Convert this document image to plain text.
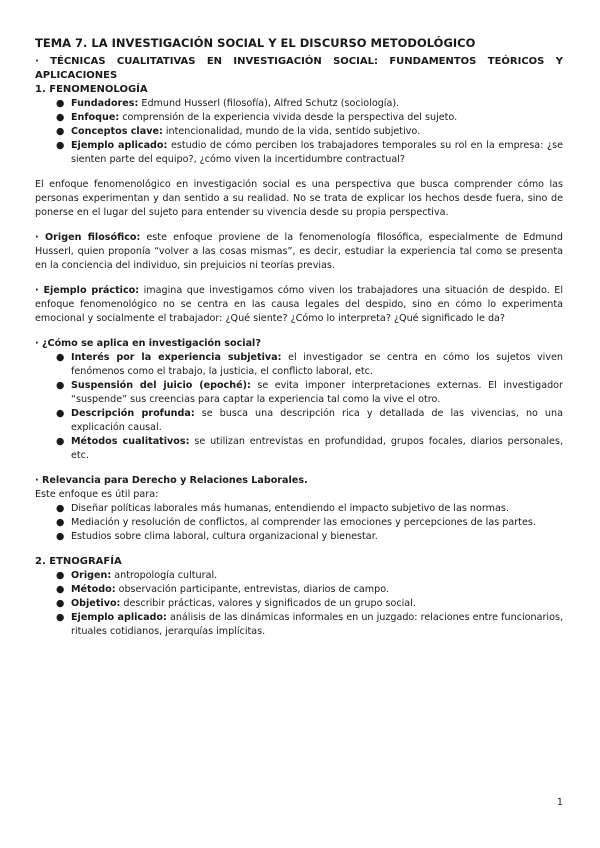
TEMA 7. LA INVESTIGACIÓN SOCIAL Y EL DISCURSO METODOLÓGICO
· TÉCNICAS CUALITATIVAS EN INVESTIGACIÓN SOCIAL: FUNDAMENTOS TEÓRICOS Y APLICACIONES
1. FENOMENOLOGÍA
● Fundadores: Edmund Husserl (filosofía), Alfred Schutz (sociología).
● Enfoque: comprensión de la experiencia vivida desde la perspectiva del sujeto.
● Conceptos clave: intencionalidad, mundo de la vida, sentido subjetivo.
● Ejemplo aplicado: estudio de cómo perciben los trabajadores temporales su rol en la empresa: ¿se sienten parte del equipo?, ¿cómo viven la incertidumbre contractual?

El enfoque fenomenológico en investigación social es una perspectiva que busca comprender cómo las personas experimentan y dan sentido a su realidad. No se trata de explicar los hechos desde fuera, sino de ponerse en el lugar del sujeto para entender su vivencia desde su propia perspectiva.

· Origen filosófico: este enfoque proviene de la fenomenología filosófica, especialmente de Edmund Husserl, quien proponía “volver a las cosas mismas”, es decir, estudiar la experiencia tal como se presenta en la conciencia del individuo, sin prejuicios ni teorías previas.

· Ejemplo práctico: imagina que investigamos cómo viven los trabajadores una situación de despido. El enfoque fenomenológico no se centra en las causa legales del despido, sino en cómo lo experimenta emocional y socialmente el trabajador: ¿Qué siente? ¿Cómo lo interpreta? ¿Qué significado le da?

· ¿Cómo se aplica en investigación social?

● Interés por la experiencia subjetiva: el investigador se centra en cómo los sujetos viven fenómenos como el trabajo, la justicia, el conflicto laboral, etc.
● Suspensión del juicio (epoché): se evita imponer interpretaciones externas. El investigador “suspende” sus creencias para captar la experiencia tal como la vive el otro.
● Descripción profunda: se busca una descripción rica y detallada de las vivencias, no una explicación causal.
● Métodos cualitativos: se utilizan entrevistas en profundidad, grupos focales, diarios personales, etc.

· Relevancia para Derecho y Relaciones Laborales.

Este enfoque es útil para:

● Diseñar políticas laborales más humanas, entendiendo el impacto subjetivo de las normas.
● Mediación y resolución de conflictos, al comprender las emociones y percepciones de las partes.
● Estudios sobre clima laboral, cultura organizacional y bienestar.
2. ETNOGRAFÍA
● Origen: antropología cultural.
● Método: observación participante, entrevistas, diarios de campo.
● Objetivo: describir prácticas, valores y significados de un grupo social.
● Ejemplo aplicado: análisis de las dinámicas informales en un juzgado: relaciones entre funcionarios, rituales cotidianos, jerarquías implícitas.
1
